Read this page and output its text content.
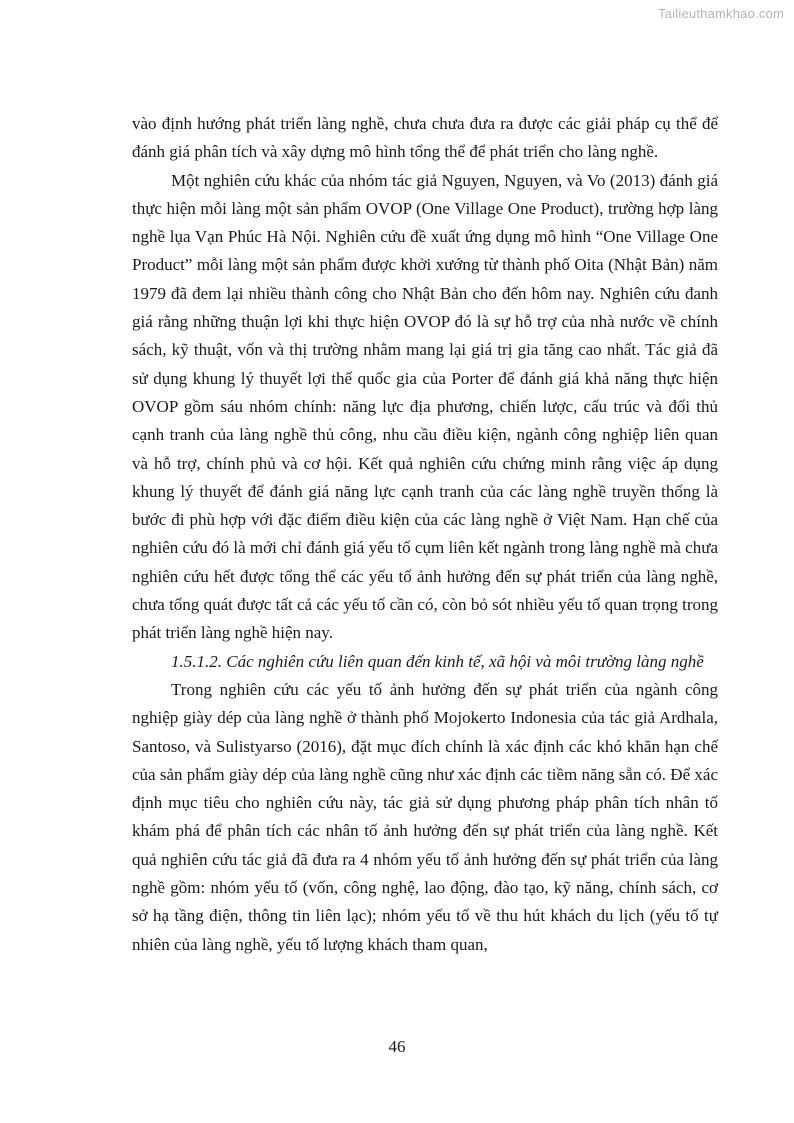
Tailieuthamkhao.com

vào định hướng phát triển làng nghề, chưa chưa đưa ra được các giải pháp cụ thể để đánh giá phân tích và xây dựng mô hình tổng thể để phát triển cho làng nghề.

Một nghiên cứu khác của nhóm tác giả Nguyen, Nguyen, và Vo (2013) đánh giá thực hiện mỗi làng một sản phẩm OVOP (One Village One Product), trường hợp làng nghề lụa Vạn Phúc Hà Nội. Nghiên cứu đề xuất ứng dụng mô hình “One Village One Product” mỗi làng một sản phẩm được khởi xướng từ thành phố Oita (Nhật Bản) năm 1979 đã đem lại nhiều thành công cho Nhật Bản cho đến hôm nay. Nghiên cứu đanh giá rằng những thuận lợi khi thực hiện OVOP đó là sự hỗ trợ của nhà nước về chính sách, kỹ thuật, vốn và thị trường nhằm mang lại giá trị gia tăng cao nhất. Tác giả đã sử dụng khung lý thuyết lợi thế quốc gia của Porter để đánh giá khả năng thực hiện OVOP gồm sáu nhóm chính: năng lực địa phương, chiến lược, cấu trúc và đối thủ cạnh tranh của làng nghề thủ công, nhu cầu điều kiện, ngành công nghiệp liên quan và hỗ trợ, chính phủ và cơ hội. Kết quả nghiên cứu chứng minh rằng việc áp dụng khung lý thuyết để đánh giá năng lực cạnh tranh của các làng nghề truyền thống là bước đi phù hợp với đặc điểm điều kiện của các làng nghề ở Việt Nam. Hạn chế của nghiên cứu đó là mới chỉ đánh giá yếu tố cụm liên kết ngành trong làng nghề mà chưa nghiên cứu hết được tổng thể các yếu tố ảnh hưởng đến sự phát triển của làng nghề, chưa tổng quát được tất cả các yếu tố cần có, còn bỏ sót nhiều yếu tố quan trọng trong phát triển làng nghề hiện nay.

1.5.1.2. Các nghiên cứu liên quan đến kinh tế, xã hội và môi trường làng nghề

Trong nghiên cứu các yếu tố ảnh hưởng đến sự phát triển của ngành công nghiệp giày dép của làng nghề ở thành phố Mojokerto Indonesia của tác giả Ardhala, Santoso, và Sulistyarso (2016), đặt mục đích chính là xác định các khó khăn hạn chế của sản phẩm giày dép của làng nghề cũng như xác định các tiềm năng sẵn có. Để xác định mục tiêu cho nghiên cứu này, tác giả sử dụng phương pháp phân tích nhân tố khám phá để phân tích các nhân tố ảnh hưởng đến sự phát triển của làng nghề. Kết quả nghiên cứu tác giả đã đưa ra 4 nhóm yếu tố ảnh hưởng đến sự phát triển của làng nghề gồm: nhóm yếu tố (vốn, công nghệ, lao động, đào tạo, kỹ năng, chính sách, cơ sở hạ tầng điện, thông tin liên lạc); nhóm yếu tố về thu hút khách du lịch (yếu tố tự nhiên của làng nghề, yếu tố lượng khách tham quan,

46
